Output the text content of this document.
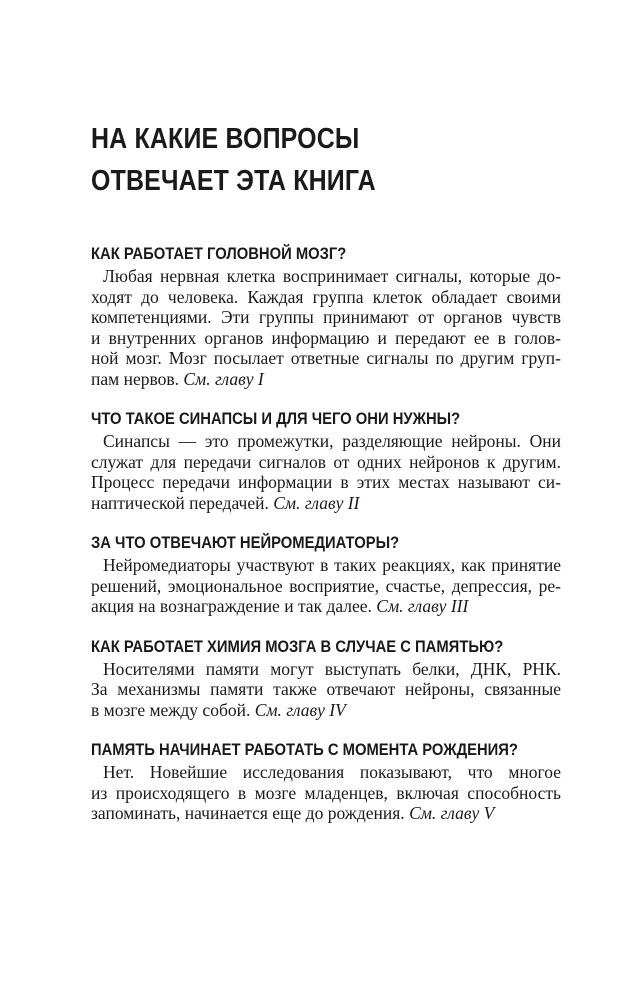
НА КАКИЕ ВОПРОСЫ
ОТВЕЧАЕТ ЭТА КНИГА
КАК РАБОТАЕТ ГОЛОВНОЙ МОЗГ?
Любая нервная клетка воспринимает сигналы, которые до-
ходят до человека. Каждая группа клеток обладает своими
компетенциями. Эти группы принимают от органов чувств
и внутренних органов информацию и передают ее в голов-
ной мозг. Мозг посылает ответные сигналы по другим груп-
пам нервов. См. главу I
ЧТО ТАКОЕ СИНАПСЫ И ДЛЯ ЧЕГО ОНИ НУЖНЫ?
Синапсы — это промежутки, разделяющие нейроны. Они
служат для передачи сигналов от одних нейронов к другим.
Процесс передачи информации в этих местах называют си-
наптической передачей. См. главу II
ЗА ЧТО ОТВЕЧАЮТ НЕЙРОМЕДИАТОРЫ?
Нейромедиаторы участвуют в таких реакциях, как принятие
решений, эмоциональное восприятие, счастье, депрессия, ре-
акция на вознаграждение и так далее. См. главу III
КАК РАБОТАЕТ ХИМИЯ МОЗГА В СЛУЧАЕ С ПАМЯТЬЮ?
Носителями памяти могут выступать белки, ДНК, РНК.
За механизмы памяти также отвечают нейроны, связанные
в мозге между собой. См. главу IV
ПАМЯТЬ НАЧИНАЕТ РАБОТАТЬ С МОМЕНТА РОЖДЕНИЯ?
Нет. Новейшие исследования показывают, что многое
из происходящего в мозге младенцев, включая способность
запоминать, начинается еще до рождения. См. главу V
